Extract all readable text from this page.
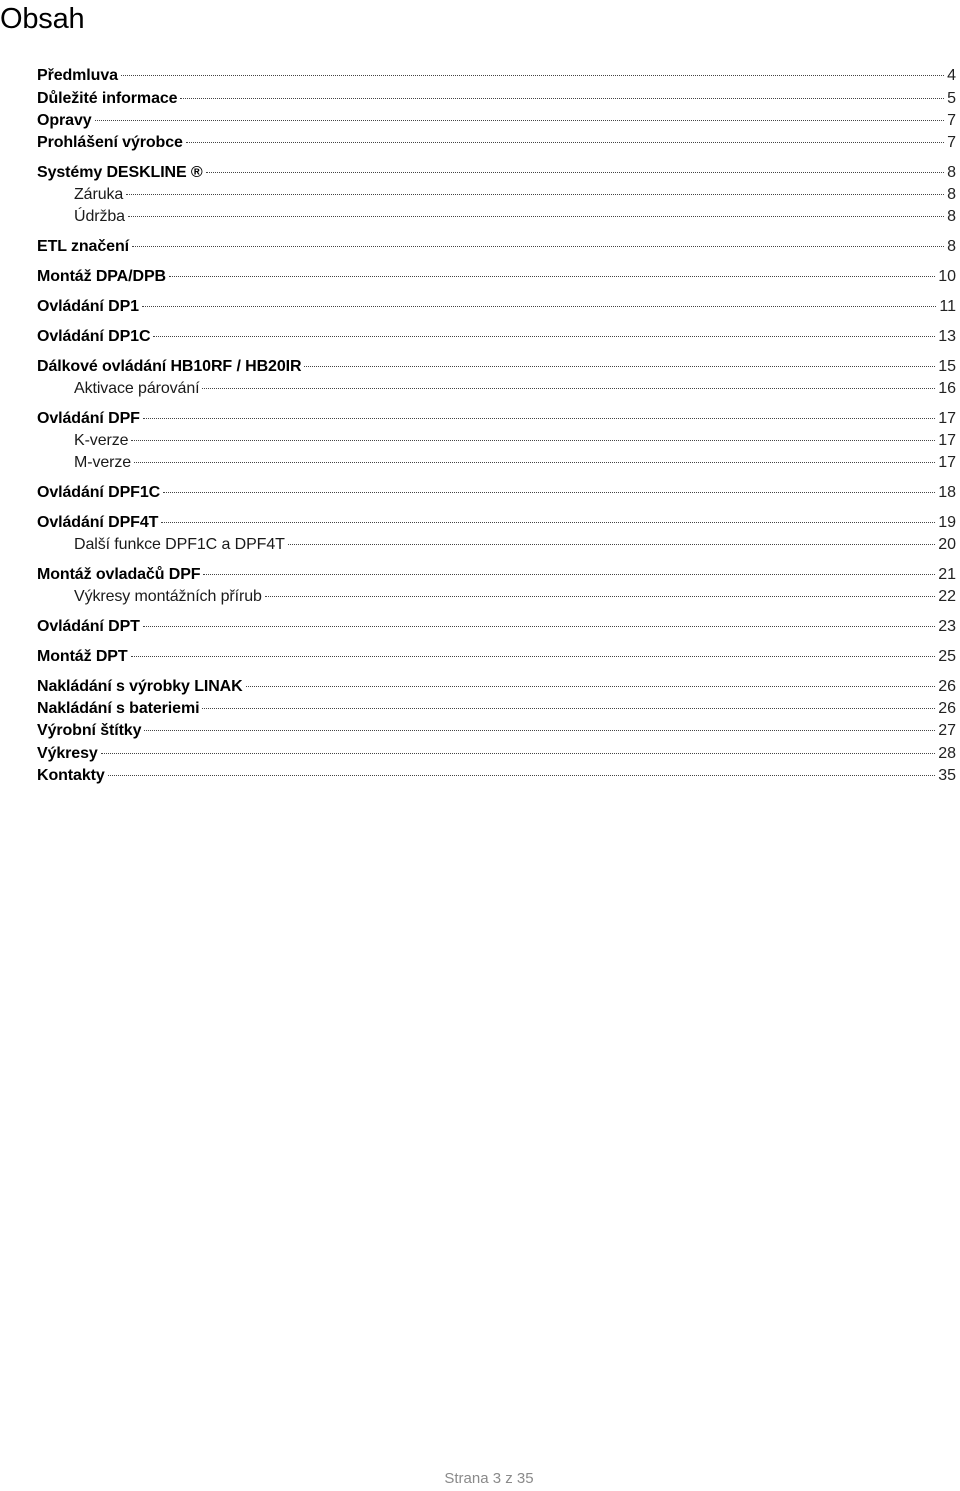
Obsah
Předmluva	4
Důležité informace	5
Opravy	7
Prohlášení výrobce	7
Systémy DESKLINE ®	8
Záruka	8
Údržba	8
ETL značení	8
Montáž DPA/DPB	10
Ovládání DP1	11
Ovládání DP1C	13
Dálkové ovládání HB10RF / HB20IR	15
Aktivace párování	16
Ovládání DPF	17
K-verze	17
M-verze	17
Ovládání DPF1C	18
Ovládání DPF4T	19
Další funkce DPF1C a DPF4T	20
Montáž ovladačů DPF	21
Výkresy montážních přírub	22
Ovládání DPT	23
Montáž DPT	25
Nakládání s výrobky LINAK	26
Nakládání s bateriemi	26
Výrobní štítky	27
Výkresy	28
Kontakty	35
Strana 3 z 35
